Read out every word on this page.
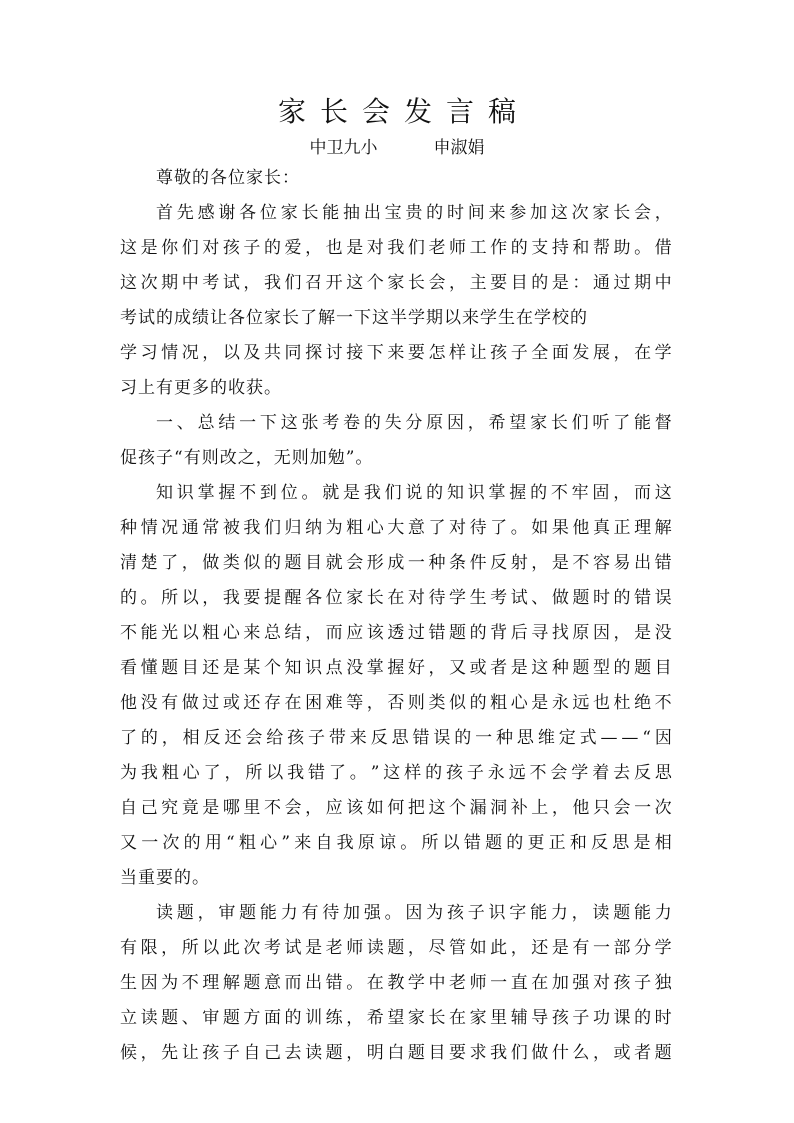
家长会发言稿
中卫九小	申淑娟
尊敬的各位家长：
首 先 感 谢 各 位 家 长 能 抽 出 宝 贵 的 时 间 来 参 加 这 次 家 长 会 ，
这 是 你 们 对 孩 子 的 爱 ， 也 是 对 我 们 老 师 工 作 的 支 持 和 帮 助 。 借
这 次 期 中 考 试 ， 我 们 召 开 这 个 家 长 会 ， 主 要 目 的 是 ： 通 过 期 中
考试的成绩让各位家长了解一下这半学期以来学生在学校的
学 习 情 况 ， 以 及 共 同 探 讨 接 下 来 要 怎 样 让 孩 子 全 面 发 展 ， 在 学
习上有更多的收获。
一 、 总 结 一 下 这 张 考 卷 的 失 分 原 因 ， 希 望 家 长 们 听 了 能 督
促孩子“有则改之，无则加勉”。
知 识 掌 握 不 到 位 。 就 是 我 们 说 的 知 识 掌 握 的 不 牢 固 ， 而 这
种 情 况 通 常 被 我 们 归 纳 为 粗 心 大 意 了 对 待 了 。 如 果 他 真 正 理 解
清 楚 了 ， 做 类 似 的 题 目 就 会 形 成 一 种 条 件 反 射 ， 是 不 容 易 出 错
的 。 所 以 ， 我 要 提 醒 各 位 家 长 在 对 待 学 生 考 试 、 做 题 时 的 错 误
不 能 光 以 粗 心 来 总 结 ， 而 应 该 透 过 错 题 的 背 后 寻 找 原 因 ， 是 没
看 懂 题 目 还 是 某 个 知 识 点 没 掌 握 好 ， 又 或 者 是 这 种 题 型 的 题 目
他 没 有 做 过 或 还 存 在 困 难 等 ， 否 则 类 似 的 粗 心 是 永 远 也 杜 绝 不
了 的 ， 相 反 还 会 给 孩 子 带 来 反 思 错 误 的 一 种 思 维 定 式 — — “ 因
为 我 粗 心 了 ， 所 以 我 错 了 。 ” 这 样 的 孩 子 永 远 不 会 学 着 去 反 思
自 己 究 竟 是 哪 里 不 会 ， 应 该 如 何 把 这 个 漏 洞 补 上 ， 他 只 会 一 次
又 一 次 的 用 “ 粗 心 ” 来 自 我 原 谅 。 所 以 错 题 的 更 正 和 反 思 是 相
当重要的。
读 题 ， 审 题 能 力 有 待 加 强 。 因 为 孩 子 识 字 能 力 ， 读 题 能 力
有 限 ， 所 以 此 次 考 试 是 老 师 读 题 ， 尽 管 如 此 ， 还 是 有 一 部 分 学
生 因 为 不 理 解 题 意 而 出 错 。 在 教 学 中 老 师 一 直 在 加 强 对 孩 子 独
立 读 题 、 审 题 方 面 的 训 练 ， 希 望 家 长 在 家 里 辅 导 孩 子 功 课 的 时
候 ， 先 让 孩 子 自 己 去 读 题 ， 明 白 题 目 要 求 我 们 做 什 么 ， 或 者 题
